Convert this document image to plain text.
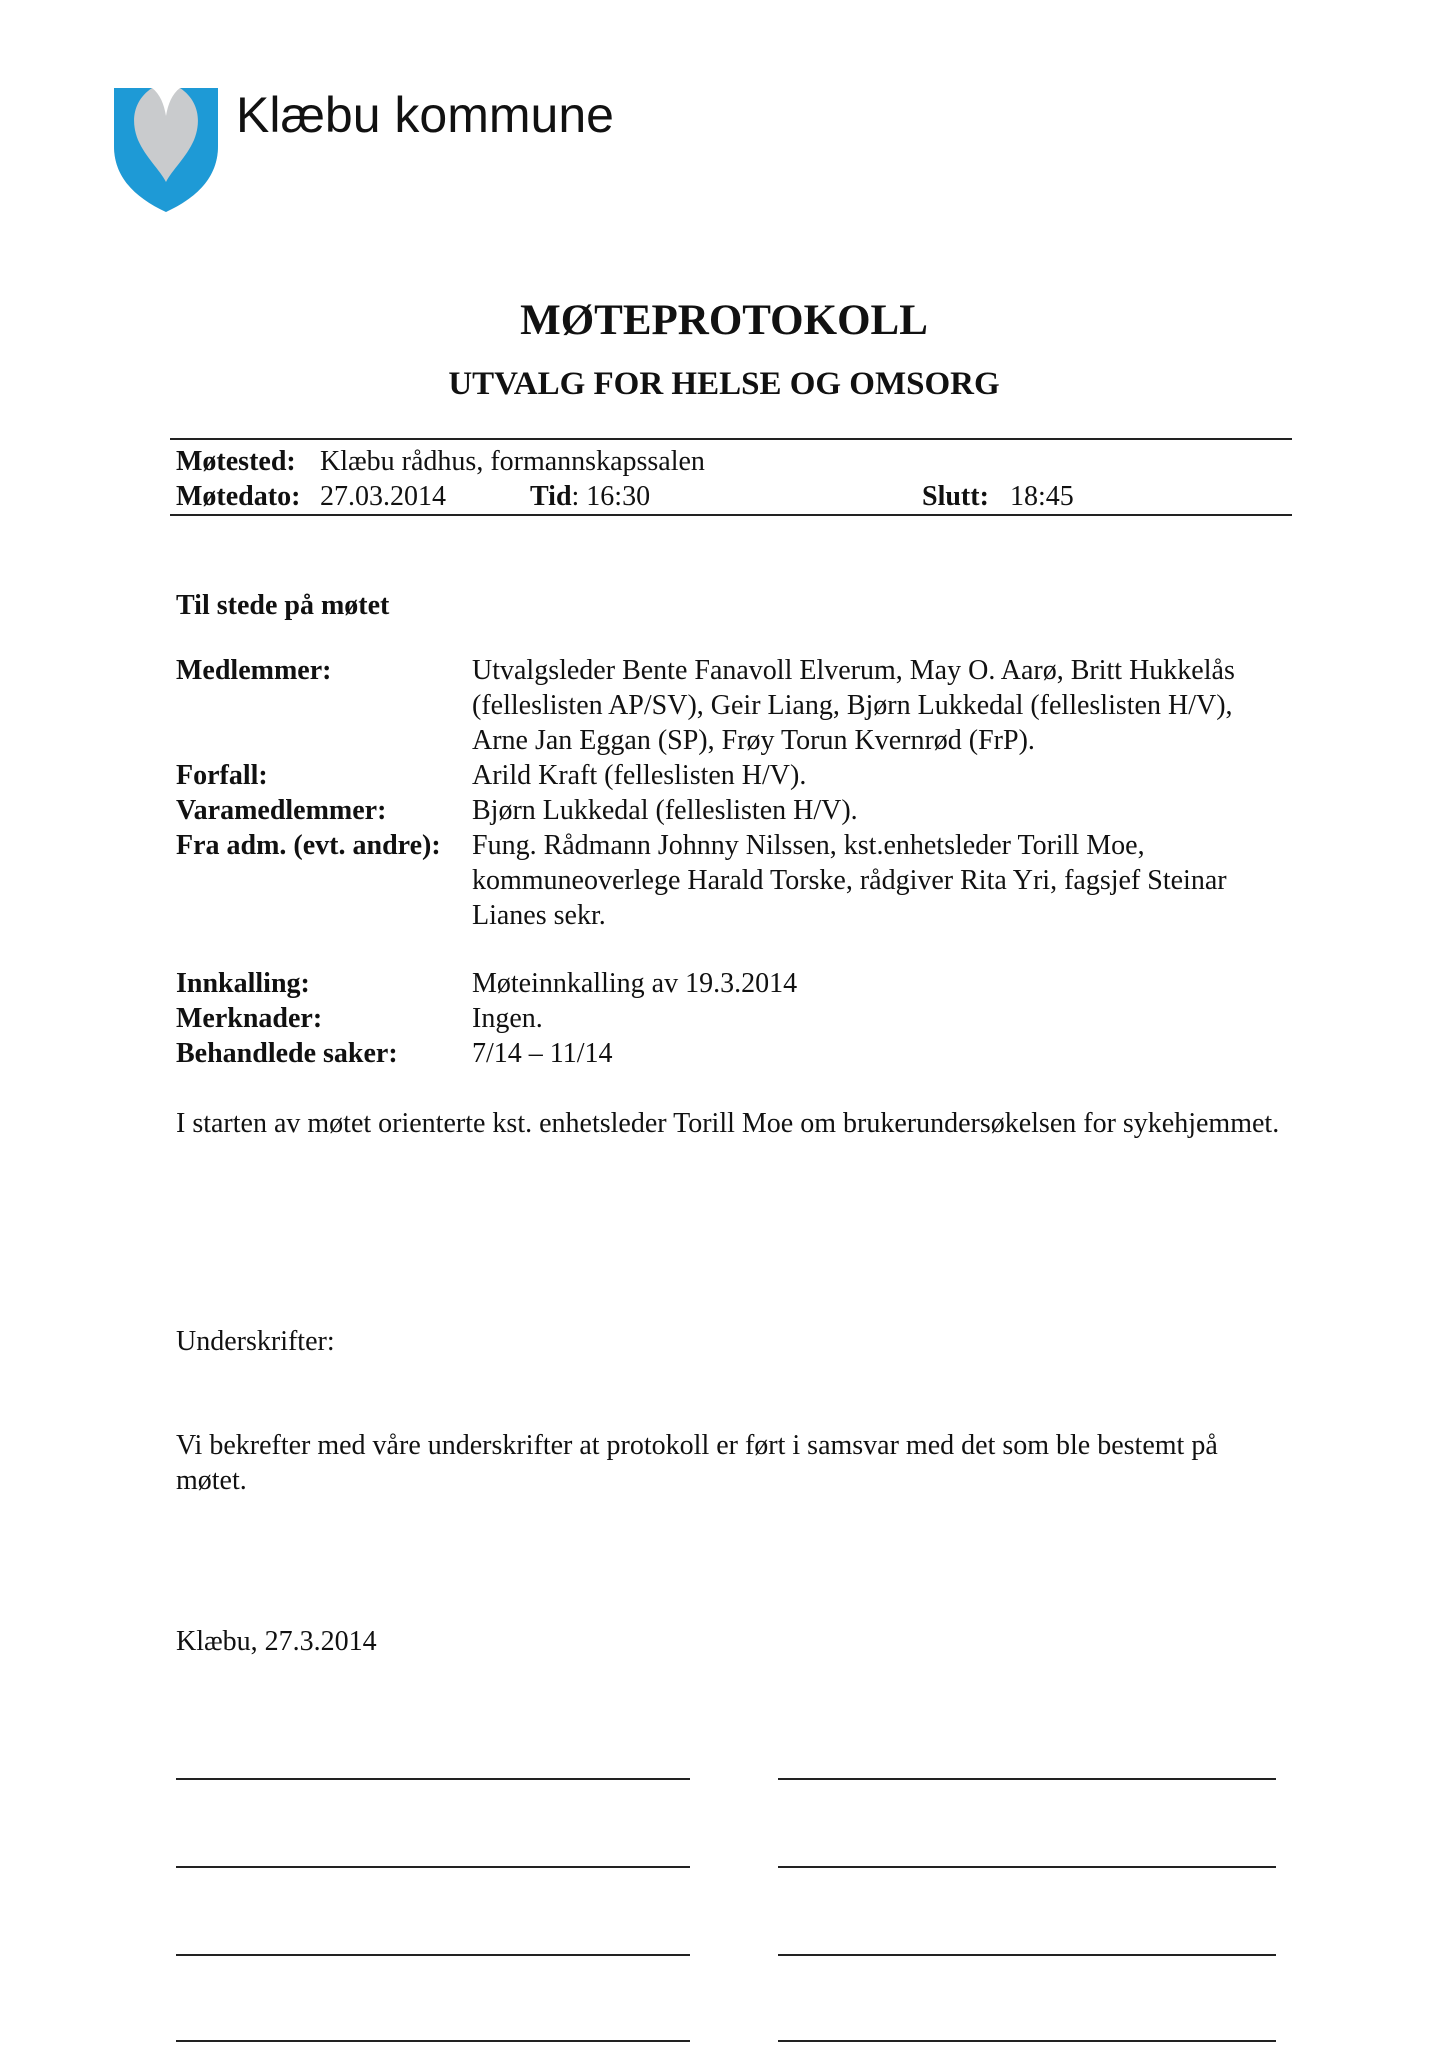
Klæbu kommune
MØTEPROTOKOLL
UTVALG FOR HELSE OG OMSORG
Møtested: Klæbu rådhus, formannskapssalen
Møtedato: 27.03.2014	Tid: 16:30	Slutt: 18:45
Til stede på møtet
Medlemmer:	Utvalgsleder Bente Fanavoll Elverum, May O. Aarø, Britt Hukkelås (felleslisten AP/SV), Geir Liang, Bjørn Lukkedal (felleslisten H/V), Arne Jan Eggan (SP), Frøy Torun Kvernrød (FrP).
Forfall:	Arild Kraft (felleslisten H/V).
Varamedlemmer:	Bjørn Lukkedal (felleslisten H/V).
Fra adm. (evt. andre): Fung. Rådmann Johnny Nilssen, kst.enhetsleder Torill Moe, kommuneoverlege Harald Torske, rådgiver Rita Yri, fagsjef Steinar Lianes sekr.
Innkalling:	Møteinnkalling av 19.3.2014
Merknader:	Ingen.
Behandlede saker:	7/14 – 11/14
I starten av møtet orienterte kst. enhetsleder Torill Moe om brukerundersøkelsen for sykehjemmet.
Underskrifter:
Vi bekrefter med våre underskrifter at protokoll er ført i samsvar med det som ble bestemt på møtet.
Klæbu, 27.3.2014
